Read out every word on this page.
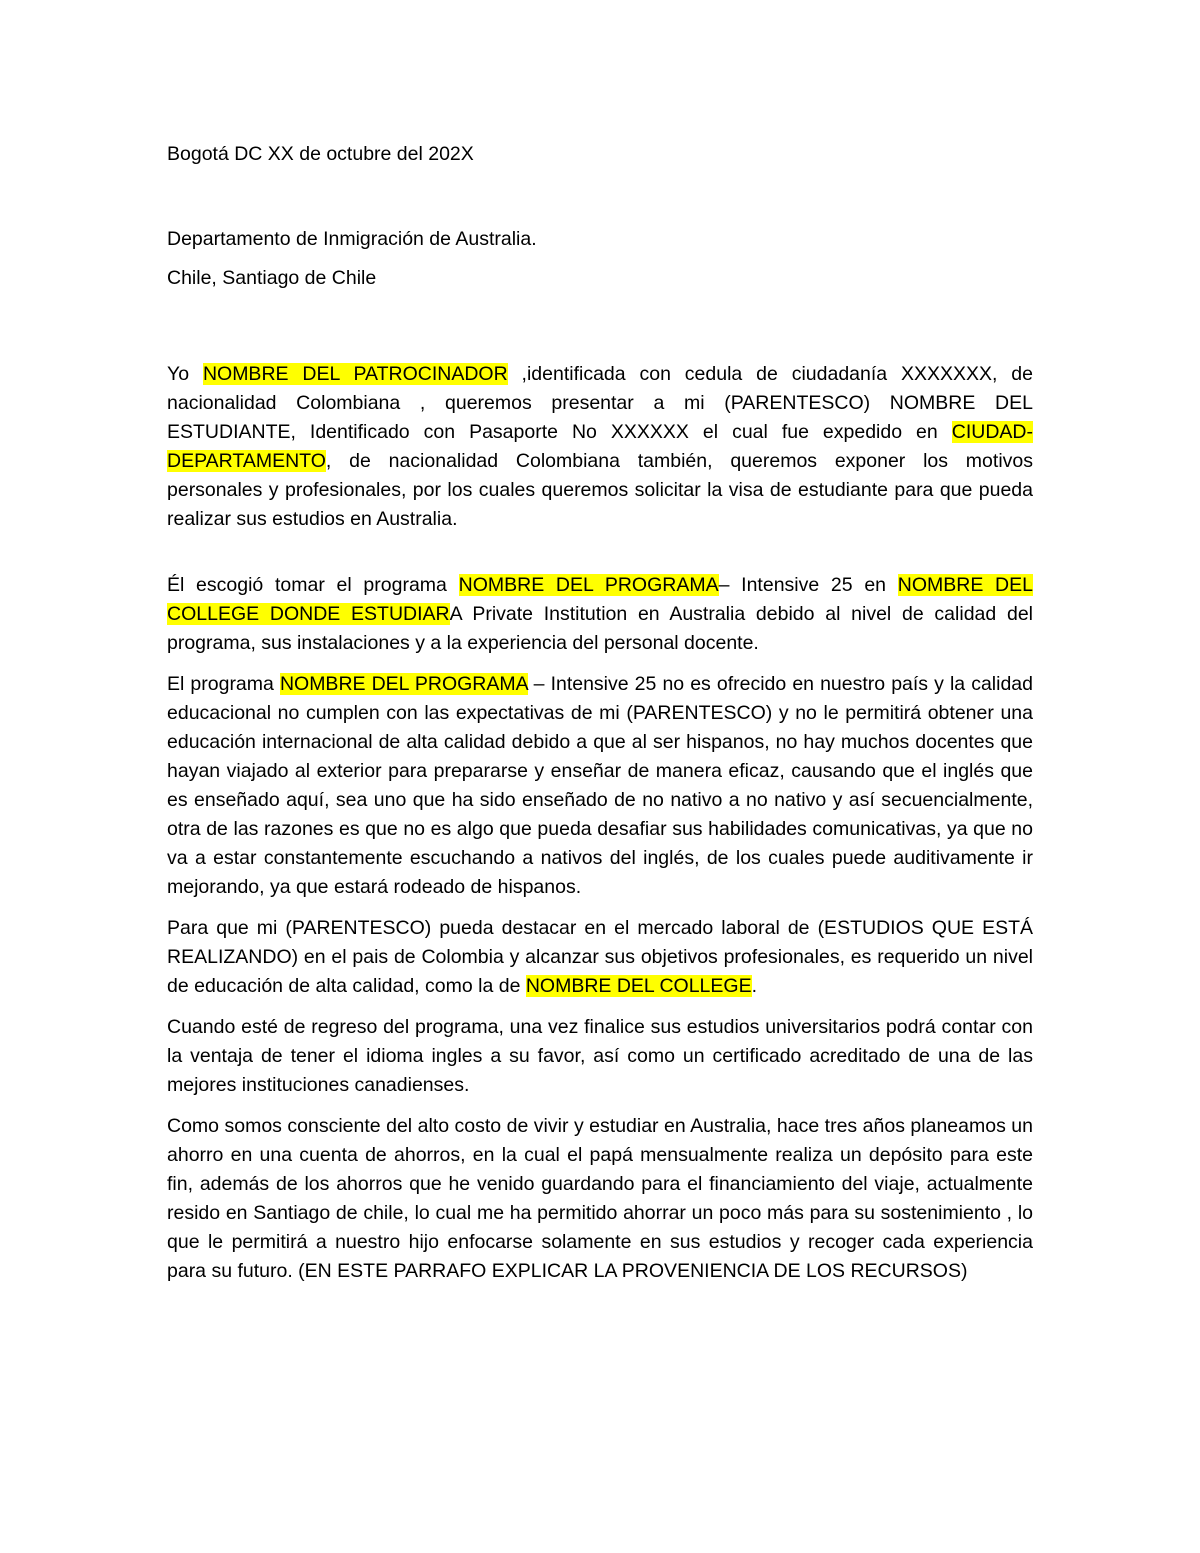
Bogotá DC XX de octubre del 202X

Departamento de Inmigración de Australia.

Chile, Santiago de Chile

Yo NOMBRE DEL PATROCINADOR ,identificada con cedula de ciudadanía XXXXXXX, de nacionalidad Colombiana , queremos presentar a mi (PARENTESCO) NOMBRE DEL ESTUDIANTE, Identificado con Pasaporte No XXXXXX el cual fue expedido en CIUDAD-DEPARTAMENTO, de nacionalidad Colombiana también, queremos exponer los motivos personales y profesionales, por los cuales queremos solicitar la visa de estudiante para que pueda realizar sus estudios en Australia.

Él escogió tomar el programa NOMBRE DEL PROGRAMA– Intensive 25 en NOMBRE DEL COLLEGE DONDE ESTUDIARA Private Institution en Australia debido al nivel de calidad del programa, sus instalaciones y a la experiencia del personal docente.

El programa NOMBRE DEL PROGRAMA – Intensive 25 no es ofrecido en nuestro país y la calidad educacional no cumplen con las expectativas de mi (PARENTESCO) y no le permitirá obtener una educación internacional de alta calidad debido a que al ser hispanos, no hay muchos docentes que hayan viajado al exterior para prepararse y enseñar de manera eficaz, causando que el inglés que es enseñado aquí, sea uno que ha sido enseñado de no nativo a no nativo y así secuencialmente, otra de las razones es que no es algo que pueda desafiar sus habilidades comunicativas, ya que no va a estar constantemente escuchando a nativos del inglés, de los cuales puede auditivamente ir mejorando, ya que estará rodeado de hispanos.

Para que mi (PARENTESCO) pueda destacar en el mercado laboral de (ESTUDIOS QUE ESTÁ REALIZANDO) en el pais de Colombia y alcanzar sus objetivos profesionales, es requerido un nivel de educación de alta calidad, como la de NOMBRE DEL COLLEGE.

Cuando esté de regreso del programa, una vez finalice sus estudios universitarios podrá contar con la ventaja de tener el idioma ingles a su favor, así como un certificado acreditado de una de las mejores instituciones canadienses.

Como somos consciente del alto costo de vivir y estudiar en Australia, hace tres años planeamos un ahorro en una cuenta de ahorros, en la cual el papá mensualmente realiza un depósito para este fin, además de los ahorros que he venido guardando para el financiamiento del viaje, actualmente resido en Santiago de chile, lo cual me ha permitido ahorrar un poco más para su sostenimiento , lo que le permitirá a nuestro hijo enfocarse solamente en sus estudios y recoger cada experiencia para su futuro. (EN ESTE PARRAFO EXPLICAR LA PROVENIENCIA DE LOS RECURSOS)
